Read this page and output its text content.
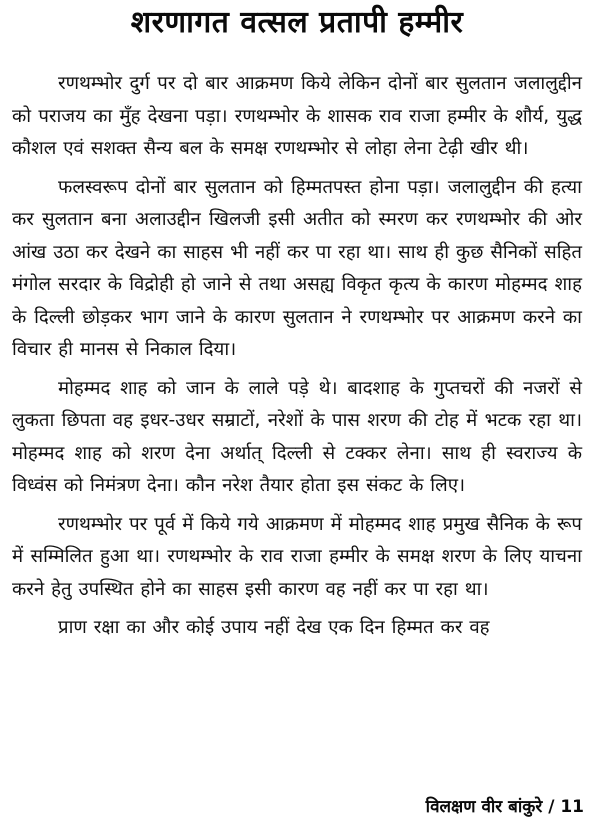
शरणागत वत्सल प्रतापी हम्मीर

रणथम्भोर दुर्ग पर दो बार आक्रमण किये लेकिन दोनों बार सुलतान जलालुद्दीन को पराजय का मुँह देखना पड़ा। रणथम्भोर के शासक राव राजा हम्मीर के शौर्य, युद्ध कौशल एवं सशक्त सैन्य बल के समक्ष रणथम्भोर से लोहा लेना टेढ़ी खीर थी।

फलस्वरूप दोनों बार सुलतान को हिम्मतपस्त होना पड़ा। जलालुद्दीन की हत्या कर सुलतान बना अलाउद्दीन खिलजी इसी अतीत को स्मरण कर रणथम्भोर की ओर आंख उठा कर देखने का साहस भी नहीं कर पा रहा था। साथ ही कुछ सैनिकों सहित मंगोल सरदार के विद्रोही हो जाने से तथा असह्य विकृत कृत्य के कारण मोहम्मद शाह के दिल्ली छोड़कर भाग जाने के कारण सुलतान ने रणथम्भोर पर आक्रमण करने का विचार ही मानस से निकाल दिया।

मोहम्मद शाह को जान के लाले पड़े थे। बादशाह के गुप्तचरों की नजरों से लुकता छिपता वह इधर-उधर सम्राटों, नरेशों के पास शरण की टोह में भटक रहा था। मोहम्मद शाह को शरण देना अर्थात् दिल्ली से टक्कर लेना। साथ ही स्वराज्य के विध्वंस को निमंत्रण देना। कौन नरेश तैयार होता इस संकट के लिए।

रणथम्भोर पर पूर्व में किये गये आक्रमण में मोहम्मद शाह प्रमुख सैनिक के रूप में सम्मिलित हुआ था। रणथम्भोर के राव राजा हम्मीर के समक्ष शरण के लिए याचना करने हेतु उपस्थित होने का साहस इसी कारण वह नहीं कर पा रहा था।

प्राण रक्षा का और कोई उपाय नहीं देख एक दिन हिम्मत कर वह

विलक्षण वीर बांकुरे / 11
